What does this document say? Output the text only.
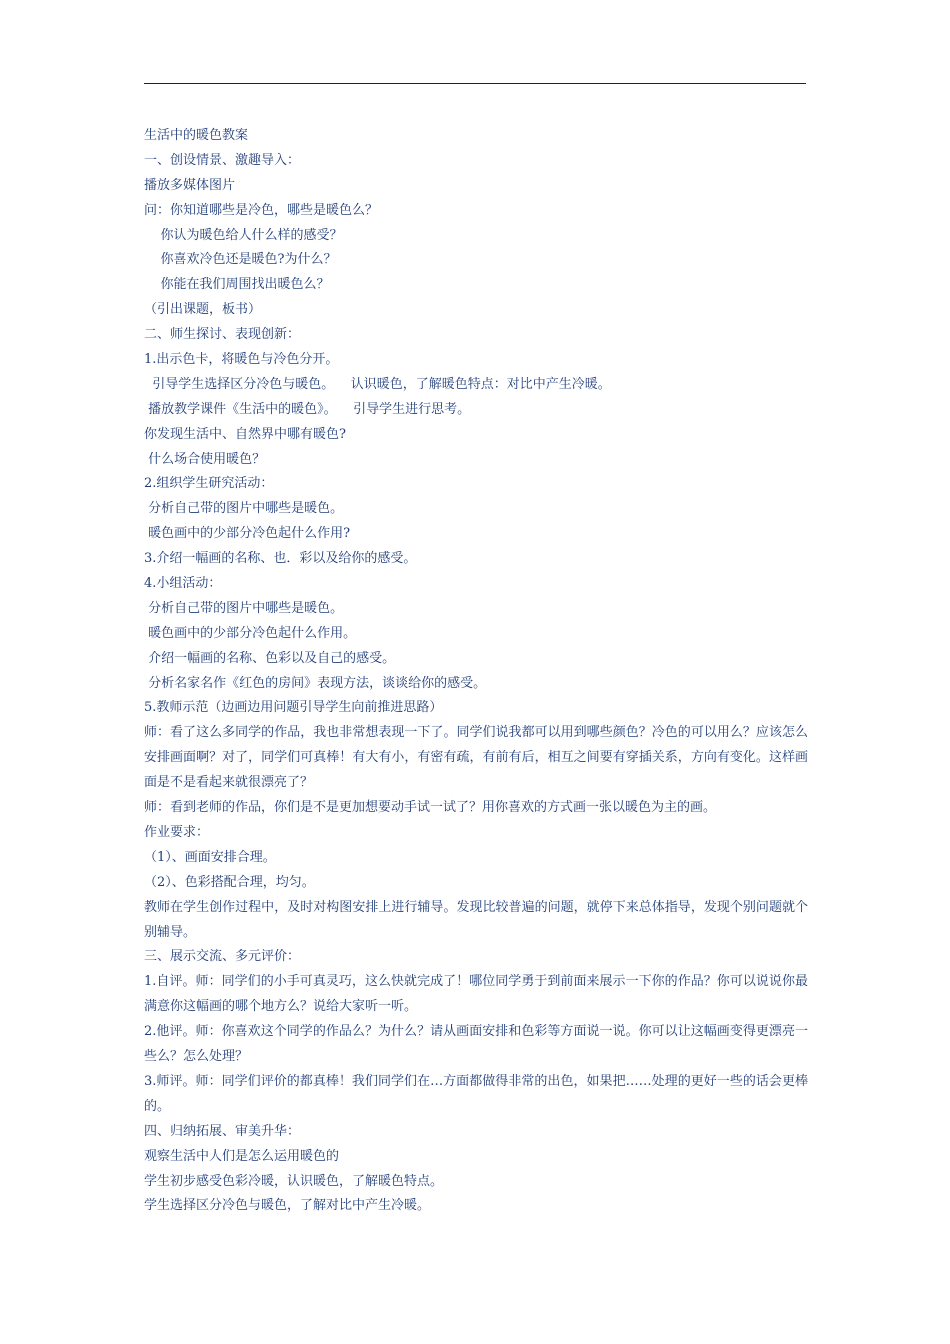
生活中的暖色教案
一、创设情景、激趣导入：
播放多媒体图片
问：你知道哪些是冷色，哪些是暖色么？
你认为暖色给人什么样的感受？
你喜欢冷色还是暖色?为什么？
你能在我们周围找出暖色么？
（引出课题，板书）
二、师生探讨、表现创新：
1.出示色卡，将暖色与冷色分开。
引导学生选择区分冷色与暖色。    认识暖色，了解暖色特点：对比中产生冷暖。
播放教学课件《生活中的暖色》。    引导学生进行思考。
你发现生活中、自然界中哪有暖色?
什么场合使用暖色？
2.组织学生研究活动：
分析自己带的图片中哪些是暖色。
暖色画中的少部分冷色起什么作用?
3.介绍一幅画的名称、也．彩以及给你的感受。
4.小组活动：
分析自己带的图片中哪些是暖色。
暖色画中的少部分冷色起什么作用。
介绍一幅画的名称、色彩以及自己的感受。
分析名家名作《红色的房间》表现方法，谈谈给你的感受。
5.教师示范（边画边用问题引导学生向前推进思路）
师：看了这么多同学的作品，我也非常想表现一下了。同学们说我都可以用到哪些颜色？冷色的可以用么？应该怎么安排画面啊？对了，同学们可真棒！有大有小，有密有疏，有前有后，相互之间要有穿插关系，方向有变化。这样画面是不是看起来就很漂亮了？
师：看到老师的作品，你们是不是更加想要动手试一试了？用你喜欢的方式画一张以暖色为主的画。
作业要求：
（1）、画面安排合理。
（2）、色彩搭配合理，均匀。
教师在学生创作过程中，及时对构图安排上进行辅导。发现比较普遍的问题，就停下来总体指导，发现个别问题就个别辅导。
三、展示交流、多元评价：
1.自评。师：同学们的小手可真灵巧，这么快就完成了！哪位同学勇于到前面来展示一下你的作品？你可以说说你最满意你这幅画的哪个地方么？说给大家听一听。
2.他评。师：你喜欢这个同学的作品么？为什么？请从画面安排和色彩等方面说一说。你可以让这幅画变得更漂亮一些么？怎么处理？
3.师评。师：同学们评价的都真棒！我们同学们在…方面都做得非常的出色，如果把……处理的更好一些的话会更棒的。
四、归纳拓展、审美升华：
观察生活中人们是怎么运用暖色的
学生初步感受色彩冷暖，认识暖色，了解暖色特点。
学生选择区分冷色与暖色，了解对比中产生冷暖。
